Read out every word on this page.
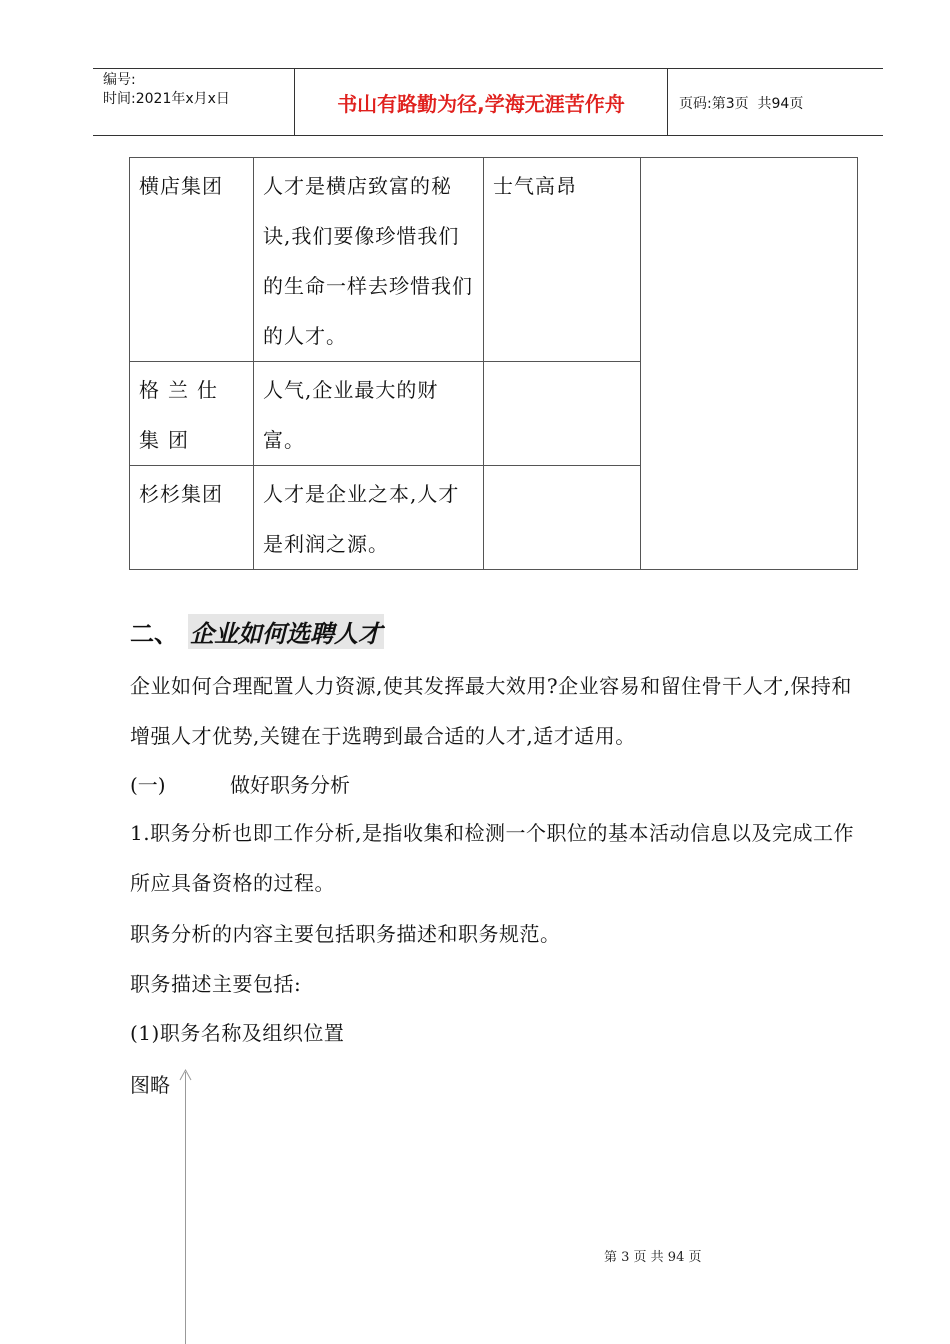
编号:
时间:2021年x月x日	书山有路勤为径,学海无涯苦作舟	页码:第3页  共94页
横店集团	人才是横店致富的秘诀,我们要像珍惜我们的生命一样去珍惜我们的人才。	士气高昂	
格兰仕集团	人气,企业最大的财富。		
杉杉集团	人才是企业之本,人才是利润之源。		
二、 企业如何选聘人才
企业如何合理配置人力资源,使其发挥最大效用?企业容易和留住骨干人才,保持和增强人才优势,关键在于选聘到最合适的人才,适才适用。
(一)	做好职务分析
1.职务分析也即工作分析,是指收集和检测一个职位的基本活动信息以及完成工作所应具备资格的过程。
职务分析的内容主要包括职务描述和职务规范。
职务描述主要包括:
(1)职务名称及组织位置
图略
第 3 页 共 94 页
